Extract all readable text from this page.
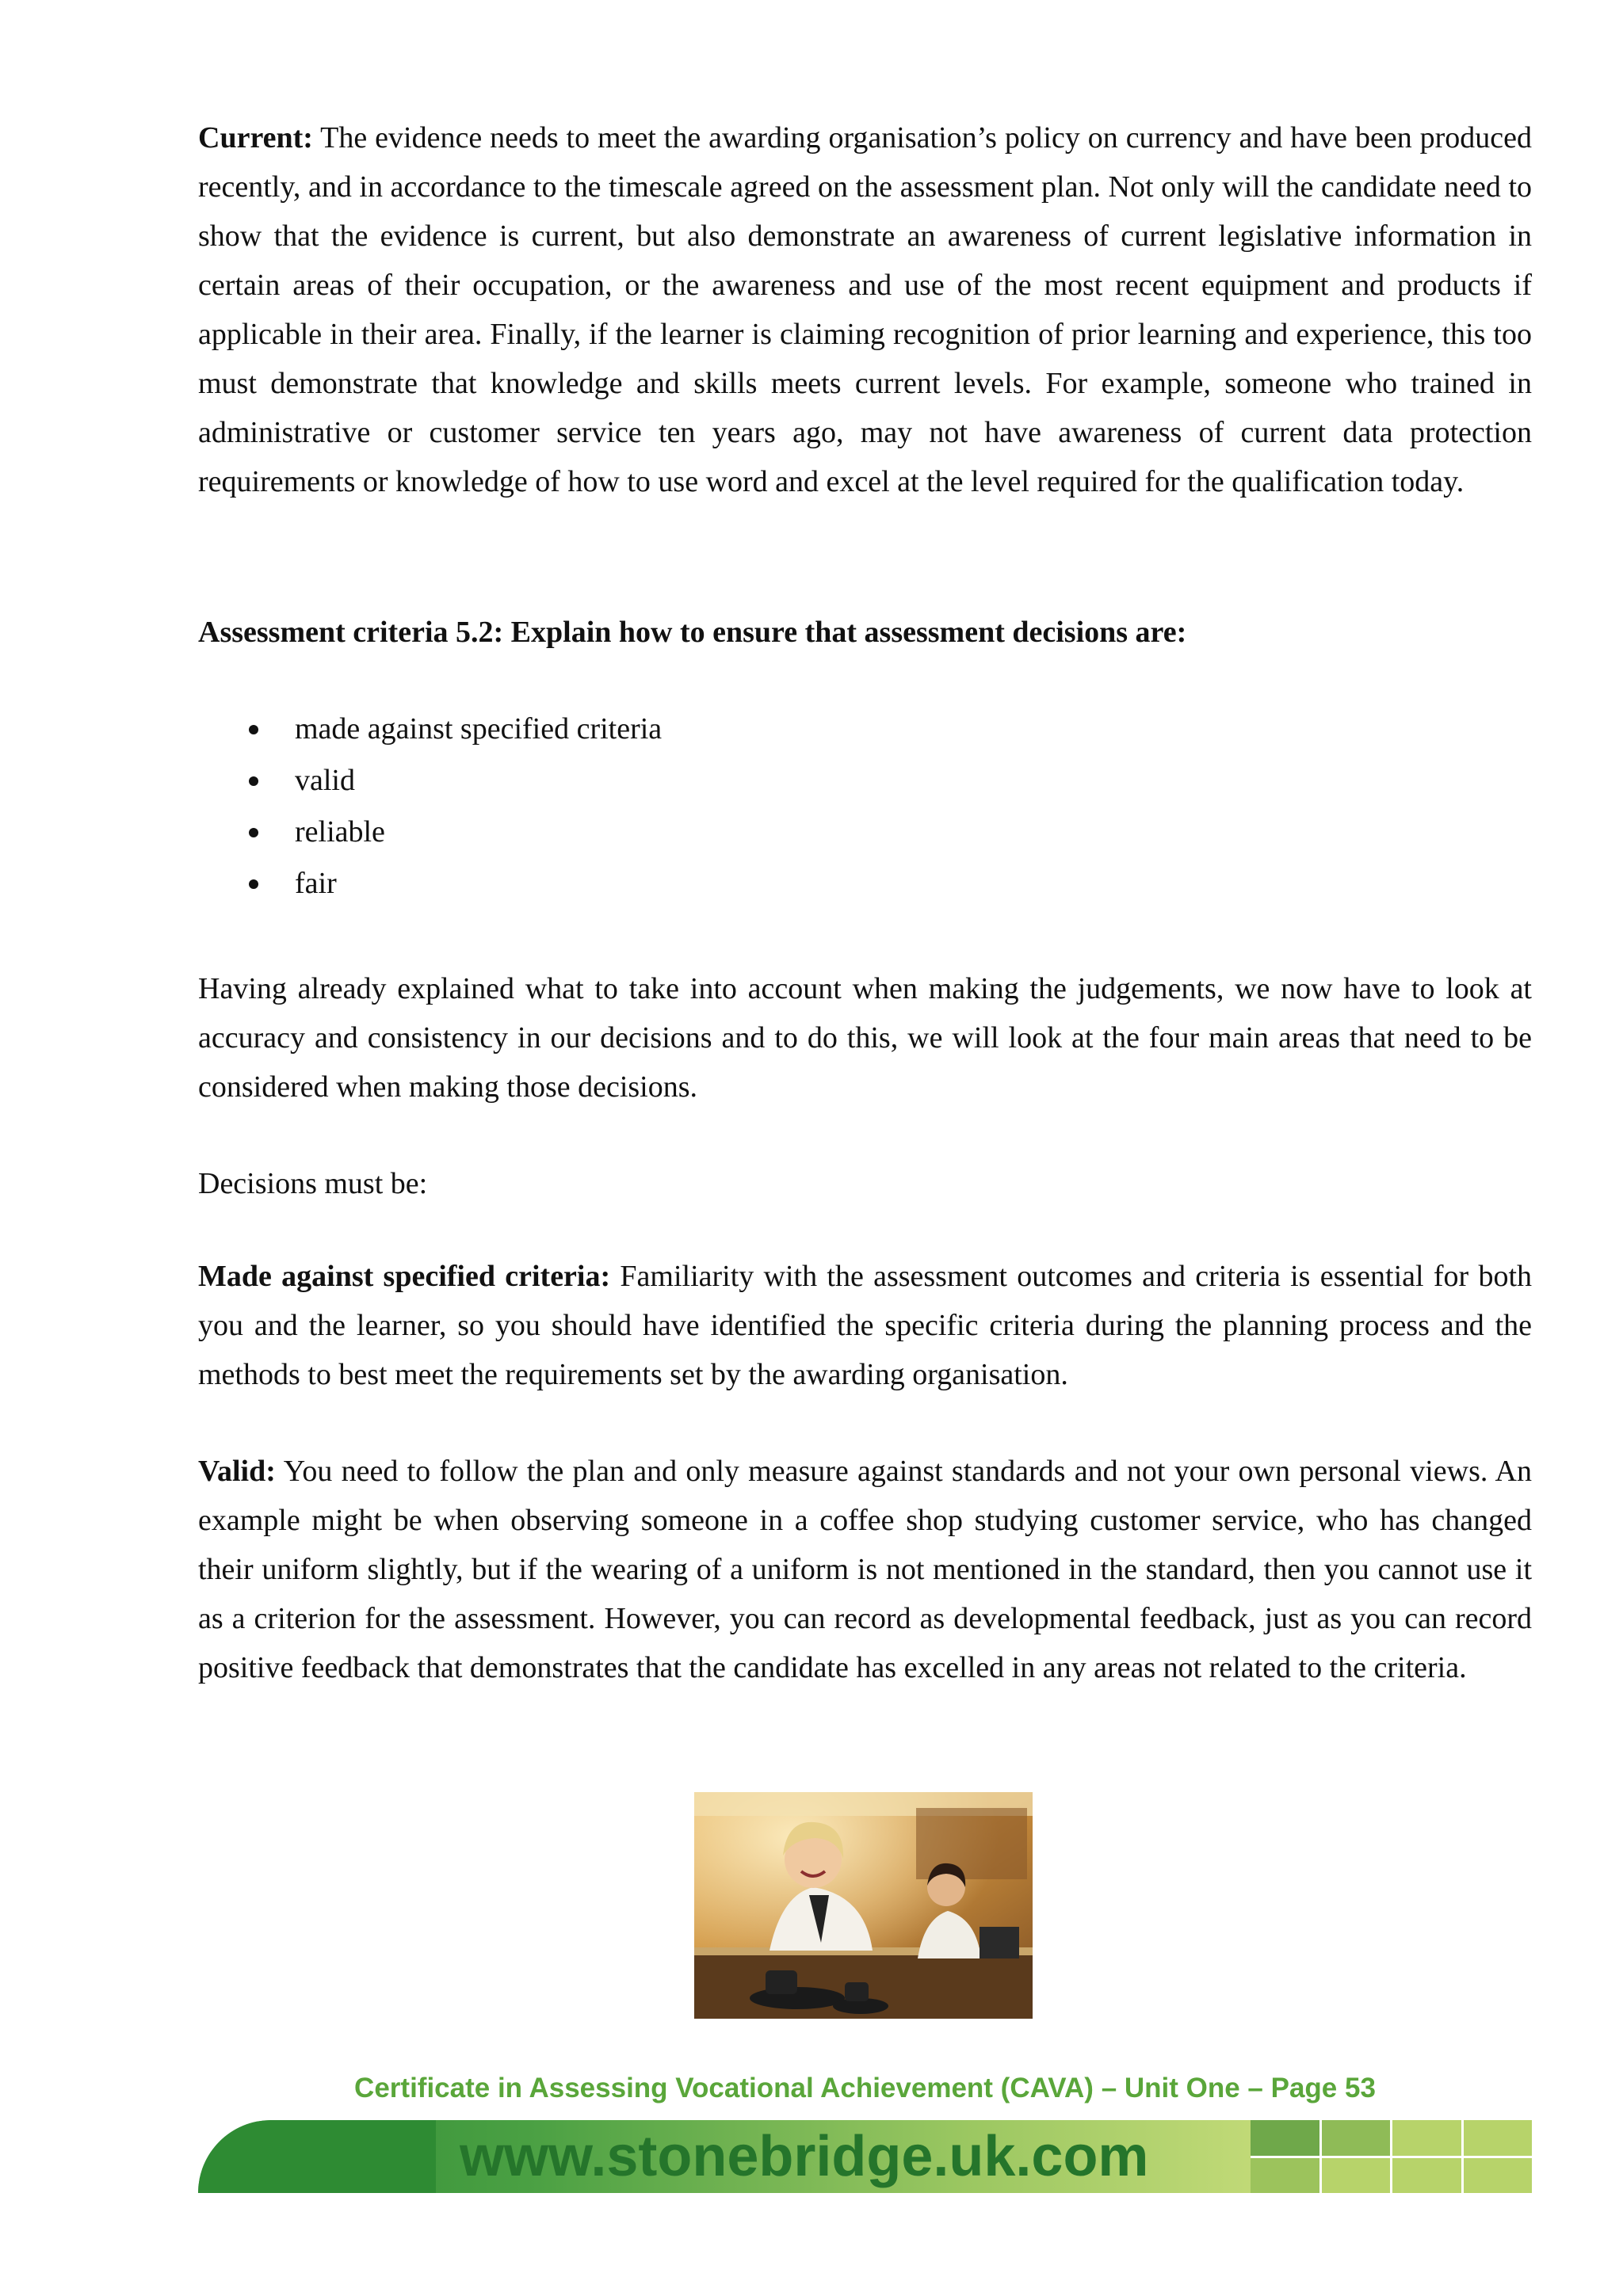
Current: The evidence needs to meet the awarding organisation’s policy on currency and have been produced recently, and in accordance to the timescale agreed on the assessment plan. Not only will the candidate need to show that the evidence is current, but also demonstrate an awareness of current legislative information in certain areas of their occupation, or the awareness and use of the most recent equipment and products if applicable in their area. Finally, if the learner is claiming recognition of prior learning and experience, this too must demonstrate that knowledge and skills meets current levels. For example, someone who trained in administrative or customer service ten years ago, may not have awareness of current data protection requirements or knowledge of how to use word and excel at the level required for the qualification today.

Assessment criteria 5.2: Explain how to ensure that assessment decisions are:

made against specified criteria
valid
reliable
fair

Having already explained what to take into account when making the judgements, we now have to look at accuracy and consistency in our decisions and to do this, we will look at the four main areas that need to be considered when making those decisions.

Decisions must be:

Made against specified criteria: Familiarity with the assessment outcomes and criteria is essential for both you and the learner, so you should have identified the specific criteria during the planning process and the methods to best meet the requirements set by the awarding organisation.

Valid: You need to follow the plan and only measure against standards and not your own personal views. An example might be when observing someone in a coffee shop studying customer service, who has changed their uniform slightly, but if the wearing of a uniform is not mentioned in the standard, then you cannot use it as a criterion for the assessment. However, you can record as developmental feedback, just as you can record positive feedback that demonstrates that the candidate has excelled in any areas not related to the criteria.

Certificate in Assessing Vocational Achievement (CAVA) – Unit One – Page 53
www.stonebridge.uk.com
